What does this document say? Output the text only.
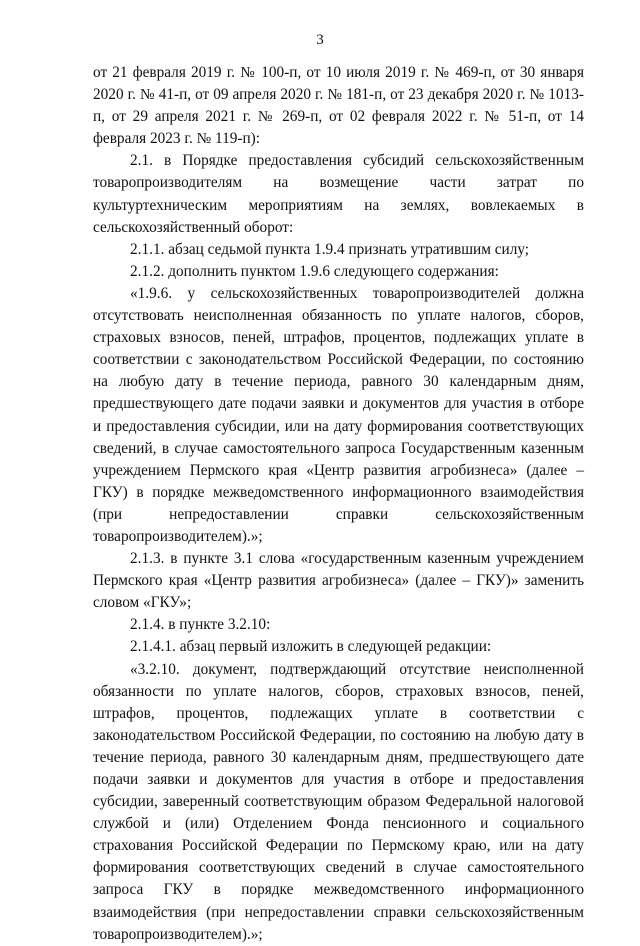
3

от 21 февраля 2019 г. № 100-п, от 10 июля 2019 г. № 469-п, от 30 января 2020 г. № 41-п, от 09 апреля 2020 г. № 181-п, от 23 декабря 2020 г. № 1013-п, от 29 апреля 2021 г. № 269-п, от 02 февраля 2022 г. № 51-п, от 14 февраля 2023 г. № 119-п):

2.1. в Порядке предоставления субсидий сельскохозяйственным товаропроизводителям на возмещение части затрат по культуртехническим мероприятиям на землях, вовлекаемых в сельскохозяйственный оборот:

2.1.1. абзац седьмой пункта 1.9.4 признать утратившим силу;

2.1.2. дополнить пунктом 1.9.6 следующего содержания:

«1.9.6. у сельскохозяйственных товаропроизводителей должна отсутствовать неисполненная обязанность по уплате налогов, сборов, страховых взносов, пеней, штрафов, процентов, подлежащих уплате в соответствии с законодательством Российской Федерации, по состоянию на любую дату в течение периода, равного 30 календарным дням, предшествующего дате подачи заявки и документов для участия в отборе и предоставления субсидии, или на дату формирования соответствующих сведений, в случае самостоятельного запроса Государственным казенным учреждением Пермского края «Центр развития агробизнеса» (далее – ГКУ) в порядке межведомственного информационного взаимодействия (при непредоставлении справки сельскохозяйственным товаропроизводителем).»;

2.1.3. в пункте 3.1 слова «государственным казенным учреждением Пермского края «Центр развития агробизнеса» (далее – ГКУ)» заменить словом «ГКУ»;

2.1.4. в пункте 3.2.10:

2.1.4.1. абзац первый изложить в следующей редакции:

«3.2.10. документ, подтверждающий отсутствие неисполненной обязанности по уплате налогов, сборов, страховых взносов, пеней, штрафов, процентов, подлежащих уплате в соответствии с законодательством Российской Федерации, по состоянию на любую дату в течение периода, равного 30 календарным дням, предшествующего дате подачи заявки и документов для участия в отборе и предоставления субсидии, заверенный соответствующим образом Федеральной налоговой службой и (или) Отделением Фонда пенсионного и социального страхования Российской Федерации по Пермскому краю, или на дату формирования соответствующих сведений в случае самостоятельного запроса ГКУ в порядке межведомственного информационного взаимодействия (при непредоставлении справки сельскохозяйственным товаропроизводителем).»;
